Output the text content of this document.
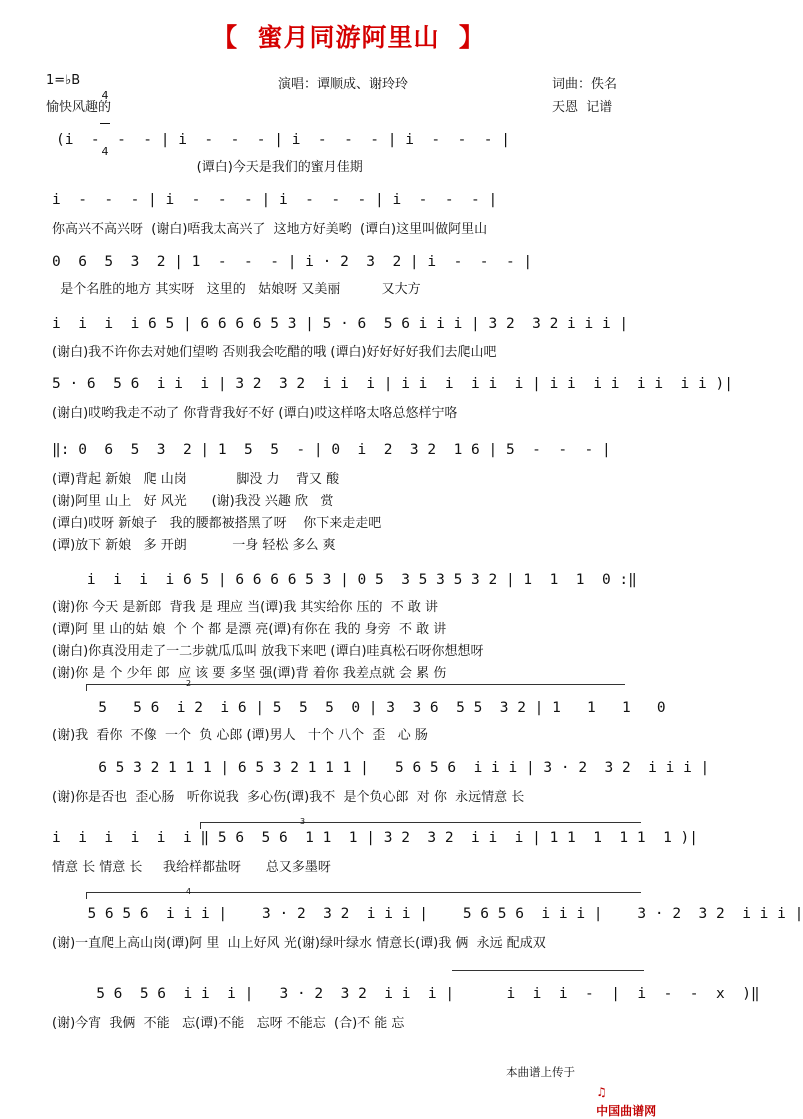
【  蜜月同游阿里山  】
1=♭B

4

4

愉快风趣的
演唱：谭顺成、谢玲玲	词曲：佚名
天恩  记谱
(i  -  -  - | i  -  -  - | i  -  -  - | i  -  -  - |
(谭白)今天是我们的蜜月佳期
i  -  -  - | i  -  -  - | i  -  -  - | i  -  -  - |
你高兴不高兴呀  (谢白)唔我太高兴了  这地方好美哟  (谭白)这里叫做阿里山
0  6  5  3  2 | 1  -  -  - | i · 2  3  2 | i  -  -  - |
是个名胜的地方 其实呀   这里的   姑娘呀 又美丽          又大方
i  i  i  i 6 5 | 6 6 6 6 5 3 | 5 · 6  5 6 i i i | 3 2  3 2 i i i |
(谢白)我不许你去对她们望哟 否则我会吃醋的哦 (谭白)好好好好我们去爬山吧
5 · 6  5 6  i i  i | 3 2  3 2  i i  i | i i  i  i i  i | i i  i i  i i  i i )|
(谢白)哎哟我走不动了 你背背我好不好 (谭白)哎这样咯太咯总悠样宁咯
‖: 0  6  5  3  2 | 1  5  5  - | 0  i  2  3 2  1 6 | 5  -  -  - |
(谭)背起 新娘   爬 山岗            脚没 力    背又 酸
(谢)阿里 山上   好 风光      (谢)我没 兴趣 欣   赏
(谭白)哎呀 新娘子   我的腰都被搭黑了呀    你下来走走吧
(谭)放下 新娘   多 开朗           一身 轻松 多么 爽
i  i  i  i 6 5 | 6 6 6 6 5 3 | 0 5  3 5 3 5 3 2 | 1  1  1  0 :‖
(谢)你 今天 是新郎  背我 是 理应 当(谭)我 其实给你 压的  不 敢 讲
(谭)阿 里 山的姑 娘  个 个 都 是漂 亮(谭)有你在 我的 身旁  不 敢 讲
(谢白)你真没用走了一二步就瓜瓜叫 放我下来吧 (谭白)哇真松石呀你想想呀
(谢)你 是 个 少年 郎  应 该 要 多坚 强(谭)背 着你 我差点就 会 累 伤
2
5   5 6  i 2  i 6 | 5  5  5  0 | 3  3 6  5 5  3 2 | 1   1   1   0
(谢)我  看你  不像  一个  负 心郎 (谭)男人   十个 八个  歪   心 肠
6 5 3 2 1 1 1 | 6 5 3 2 1 1 1 |   5 6 5 6  i i i | 3 · 2  3 2  i i i |
(谢)你是否也  歪心肠   听你说我  多心伤(谭)我不  是个负心郎  对 你  永远情意 长
3
i  i  i  i  i  i ‖ 5 6  5 6  1 1  1 | 3 2  3 2  i i  i | 1 1  1  1 1  1 )|
情意 长 情意 长     我给样都盐呀      总又多墨呀
4
5 6 5 6  i i i |    3 · 2  3 2  i i i |    5 6 5 6  i i i |    3 · 2  3 2  i i i |
(谢)一直爬上高山岗(谭)阿 里  山上好风 光(谢)绿叶绿水 情意长(谭)我 俩  永远 配成双
5 6  5 6  i i  i |   3 · 2  3 2  i i  i |      i  i  i  -  |  i  -  -  x  )‖
(谢)今宵  我俩  不能   忘(谭)不能   忘呀 不能忘  (合)不 能 忘
本曲谱上传于

♫
中国曲谱网
